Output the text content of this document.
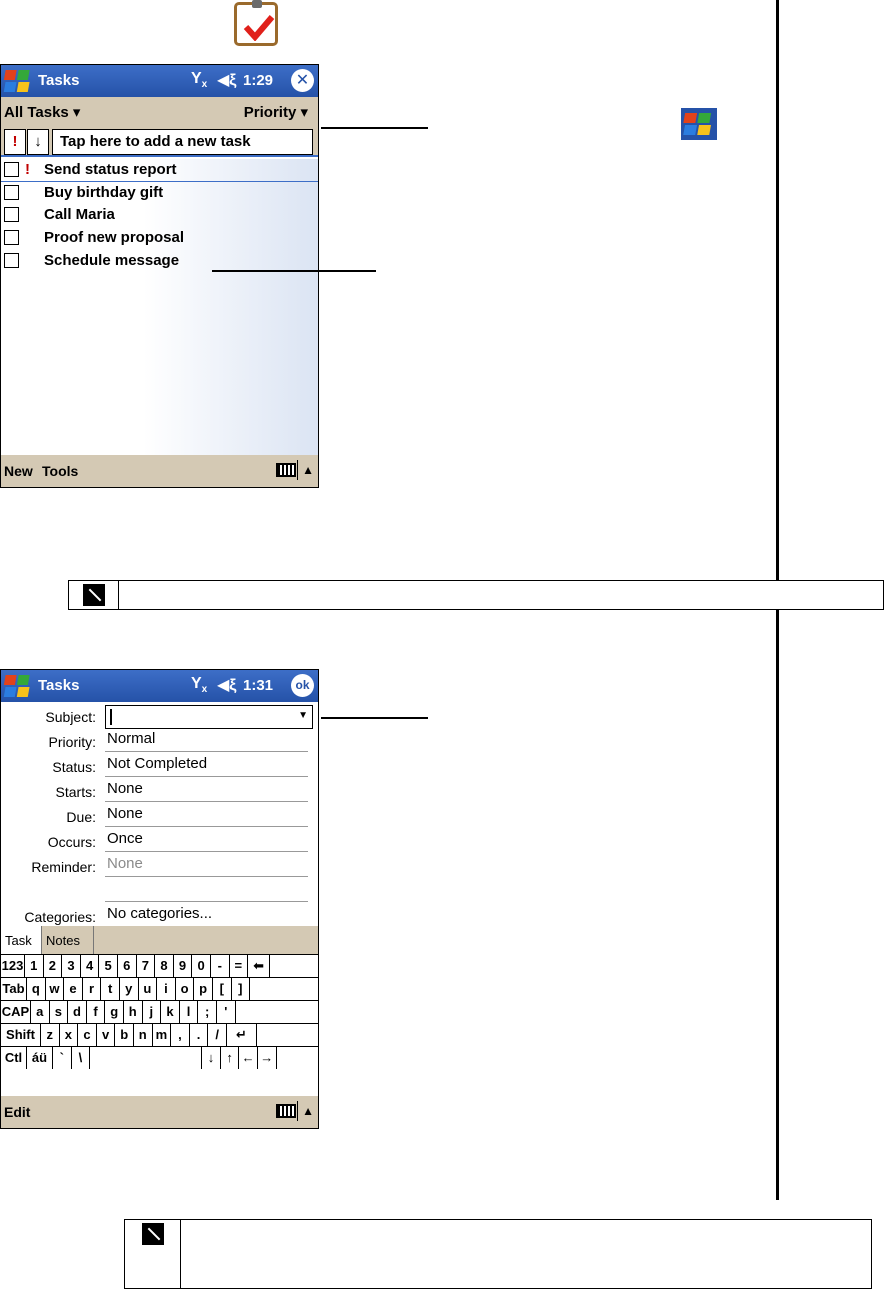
Tasks	$Y_x$ ◀ξ 1:29 ✕
All Tasks ▾	Priority ▾
!	↓	Tap here to add a new task
! Send status report
Buy birthday gift
Call Maria
Proof new proposal
Schedule message
New Tools	▲
Tasks	$Y_x$ ◀ξ 1:31	ok
Subject:	▼
Priority: Normal
Status: Not Completed
Starts: None
Due: None
Occurs: Once
Reminder: None
Categories: No categories...
Task	Notes
123 1 2 3 4 5 6 7 8 9 0 - = ⬅
Tab q w e r	t y u i o p [	]
CAP a s d f g h j	k	l	;	'
Shift z x c v b n m ,	.	/	↵
Ctl áü `	\	↓ ↑ ← →
Edit	▲
